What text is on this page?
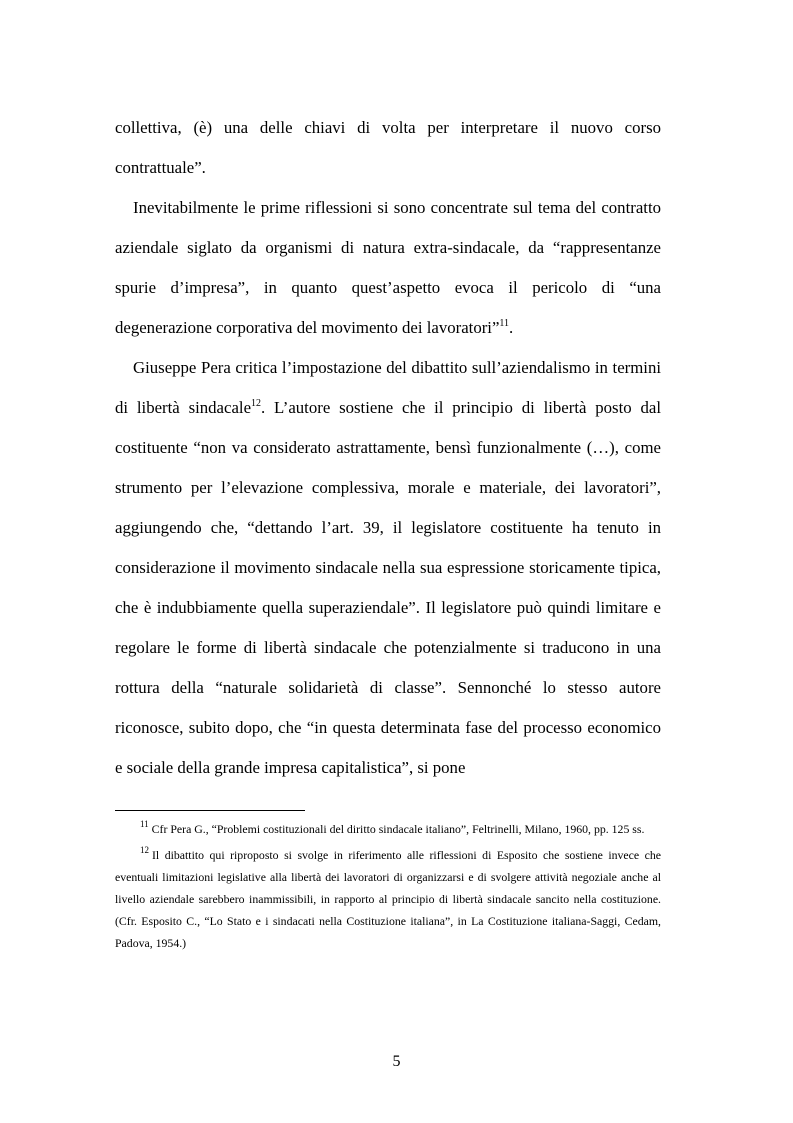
collettiva, (è) una delle chiavi di volta per interpretare il nuovo corso contrattuale”.

Inevitabilmente le prime riflessioni si sono concentrate sul tema del contratto aziendale siglato da organismi di natura extra-sindacale, da “rappresentanze spurie d’impresa”, in quanto quest’aspetto evoca il pericolo di “una degenerazione corporativa del movimento dei lavoratori”$^{11}$.

Giuseppe Pera critica l’impostazione del dibattito sull’aziendalismo in termini di libertà sindacale$^{12}$. L’autore sostiene che il principio di libertà posto dal costituente “non va considerato astrattamente, bensì funzionalmente (…), come strumento per l’elevazione complessiva, morale e materiale, dei lavoratori”, aggiungendo che, “dettando l’art. 39, il legislatore costituente ha tenuto in considerazione il movimento sindacale nella sua espressione storicamente tipica, che è indubbiamente quella superaziendale”. Il legislatore può quindi limitare e regolare le forme di libertà sindacale che potenzialmente si traducono in una rottura della “naturale solidarietà di classe”. Sennonché lo stesso autore riconosce, subito dopo, che “in questa determinata fase del processo economico e sociale della grande impresa capitalistica”, si pone

$^{11}$ Cfr Pera G., “Problemi costituzionali del diritto sindacale italiano”, Feltrinelli, Milano, 1960, pp. 125 ss.

$^{12}$ Il dibattito qui riproposto si svolge in riferimento alle riflessioni di Esposito che sostiene invece che eventuali limitazioni legislative alla libertà dei lavoratori di organizzarsi e di svolgere attività negoziale anche al livello aziendale sarebbero inammissibili, in rapporto al principio di libertà sindacale sancito nella costituzione. (Cfr. Esposito C., “Lo Stato e i sindacati nella Costituzione italiana”, in La Costituzione italiana-Saggi, Cedam, Padova, 1954.)

5
